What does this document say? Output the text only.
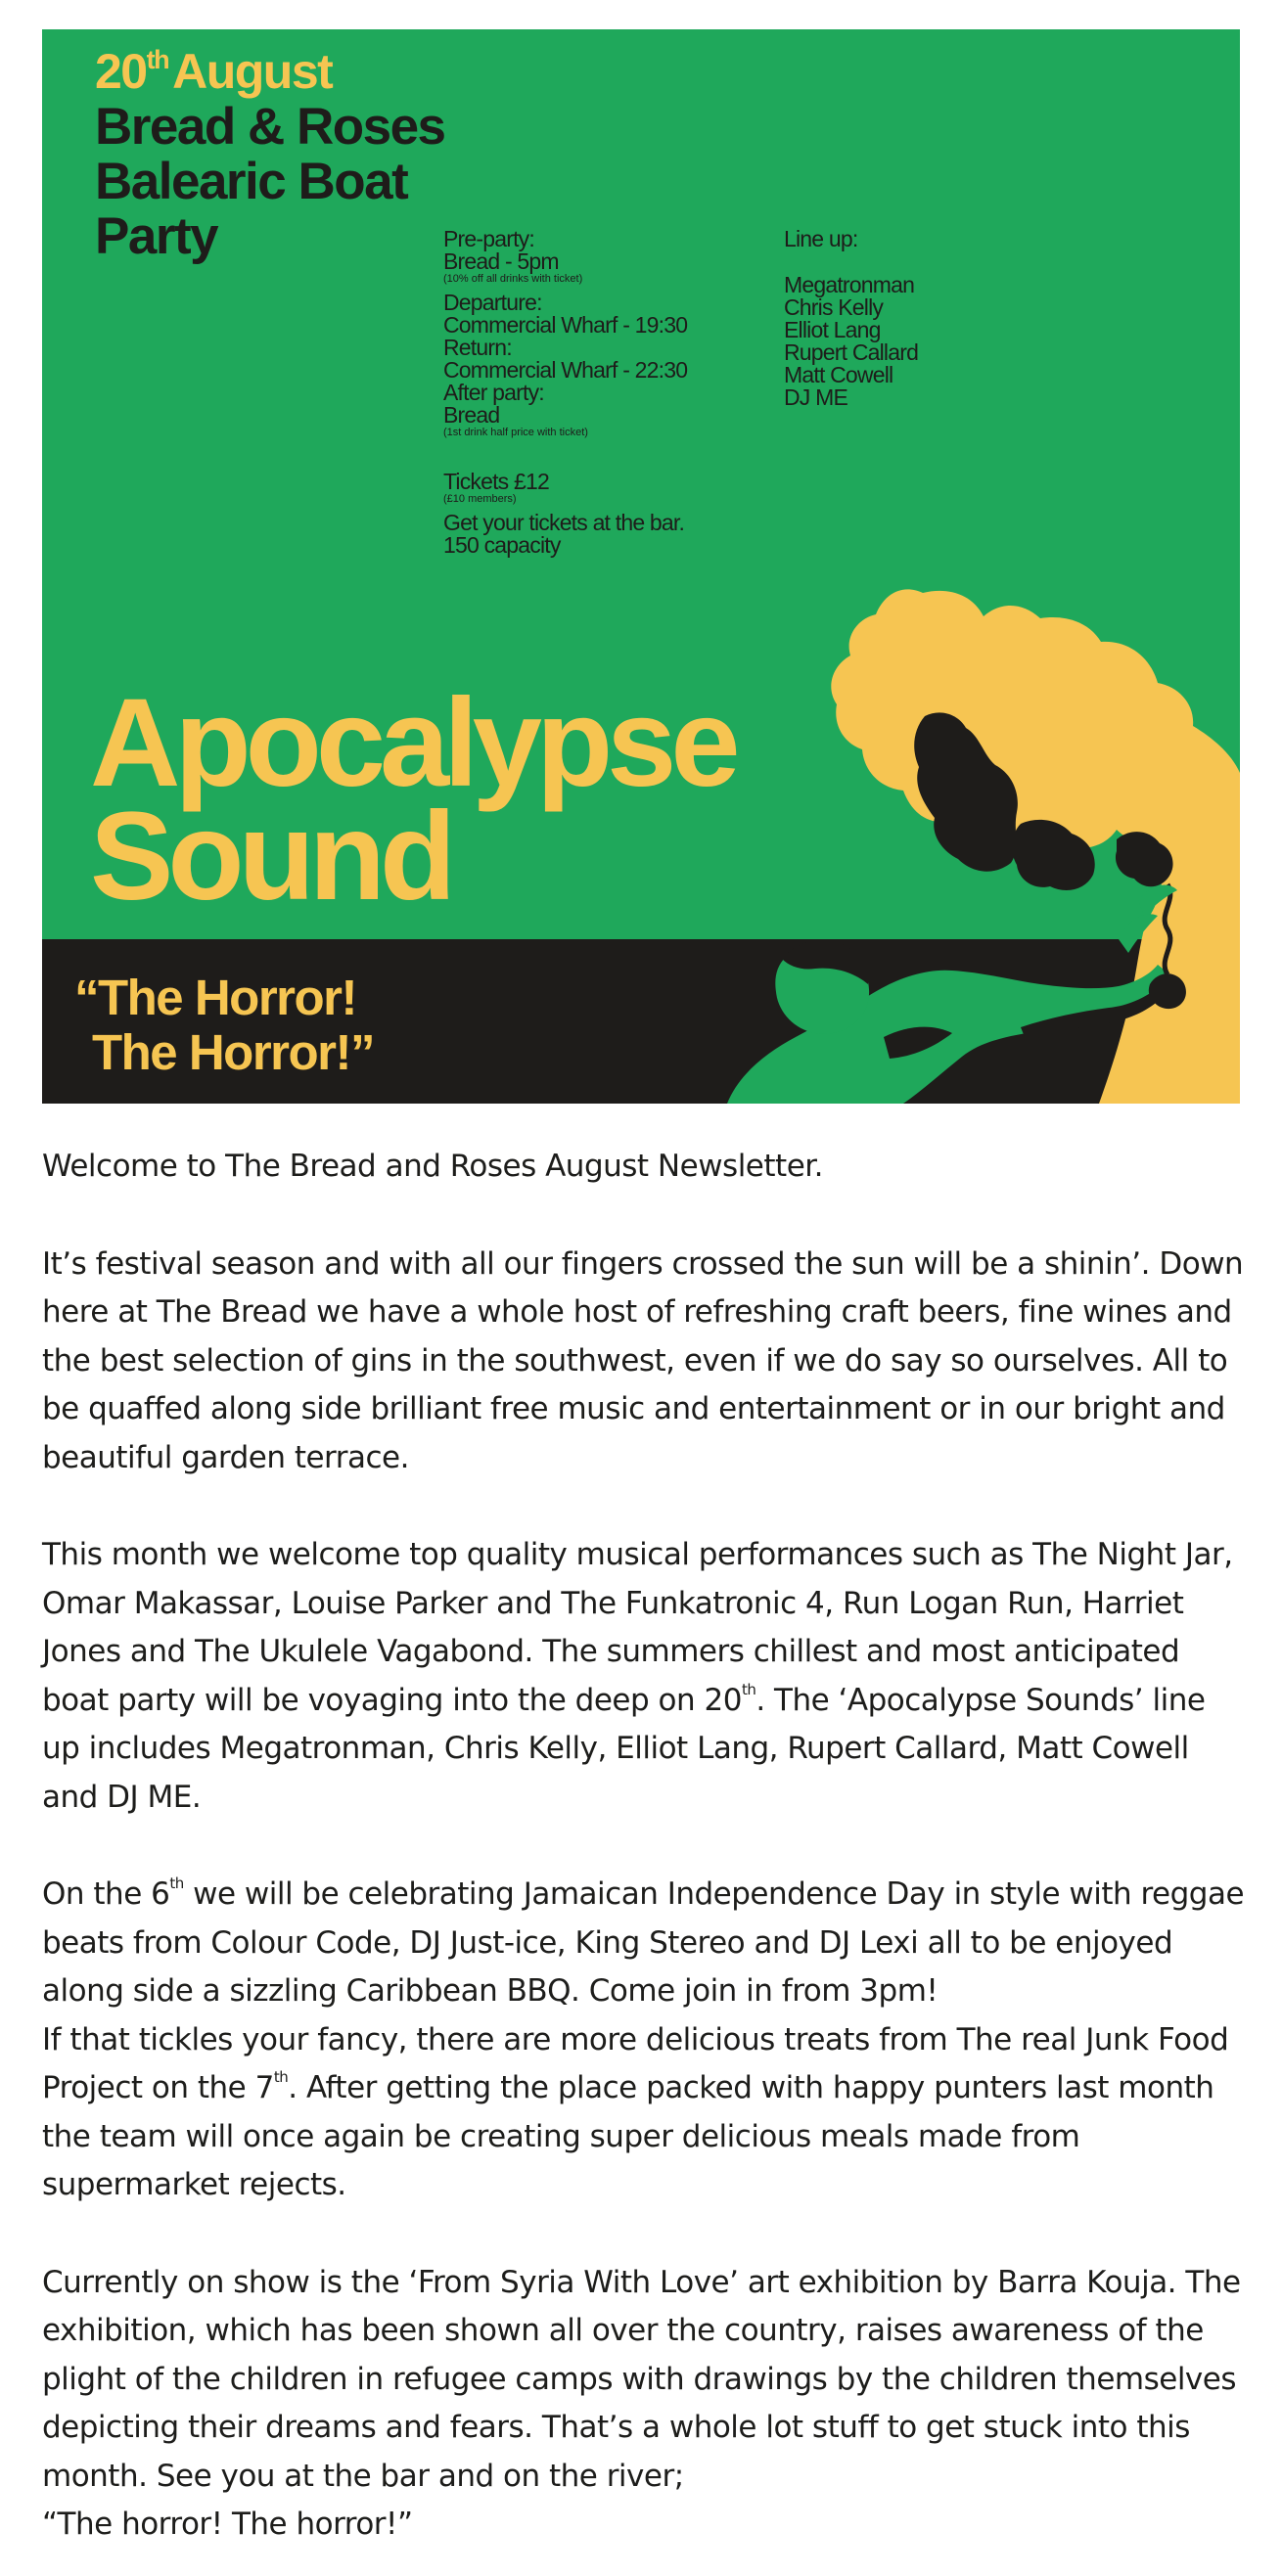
20thAugust
Bread & Roses
Balearic Boat
Party	Pre-party:
Bread - 5pm
(10% off all drinks with ticket)
Departure:
Commercial Wharf - 19:30
Return:
Commercial Wharf - 22:30
After party:
Bread
(1st drink half price with ticket)
Tickets £12
(£10 members)
Get your tickets at the bar.
150 capacity
Line up:
Megatronman
Chris Kelly
Elliot Lang
Rupert Callard
Matt Cowell
DJ ME
Apocalypse
Sound
“The Horror!
The Horror!”

Welcome to The Bread and Roses August Newsletter.

It’s festival season and with all our fingers crossed the sun will be a shinin’. Down here at The Bread we have a whole host of refreshing craft beers, fine wines and the best selection of gins in the southwest, even if we do say so ourselves. All to be quaffed along side brilliant free music and entertainment or in our bright and beautiful garden terrace.

This month we welcome top quality musical performances such as The Night Jar, Omar Makassar, Louise Parker and The Funkatronic 4, Run Logan Run, Harriet Jones and The Ukulele Vagabond. The summers chillest and most anticipated boat party will be voyaging into the deep on 20th. The ‘Apocalypse Sounds’ line up includes Megatronman, Chris Kelly, Elliot Lang, Rupert Callard, Matt Cowell and DJ ME.

On the 6th we will be celebrating Jamaican Independence Day in style with reggae beats from Colour Code, DJ Just-ice, King Stereo and DJ Lexi all to be enjoyed along side a sizzling Caribbean BBQ. Come join in from 3pm!
If that tickles your fancy, there are more delicious treats from The real Junk Food Project on the 7th. After getting the place packed with happy punters last month the team will once again be creating super delicious meals made from supermarket rejects.

Currently on show is the ‘From Syria With Love’ art exhibition by Barra Kouja. The exhibition, which has been shown all over the country, raises awareness of the plight of the children in refugee camps with drawings by the children themselves depicting their dreams and fears. That’s a whole lot stuff to get stuck into this month. See you at the bar and on the river;
“The horror! The horror!”
